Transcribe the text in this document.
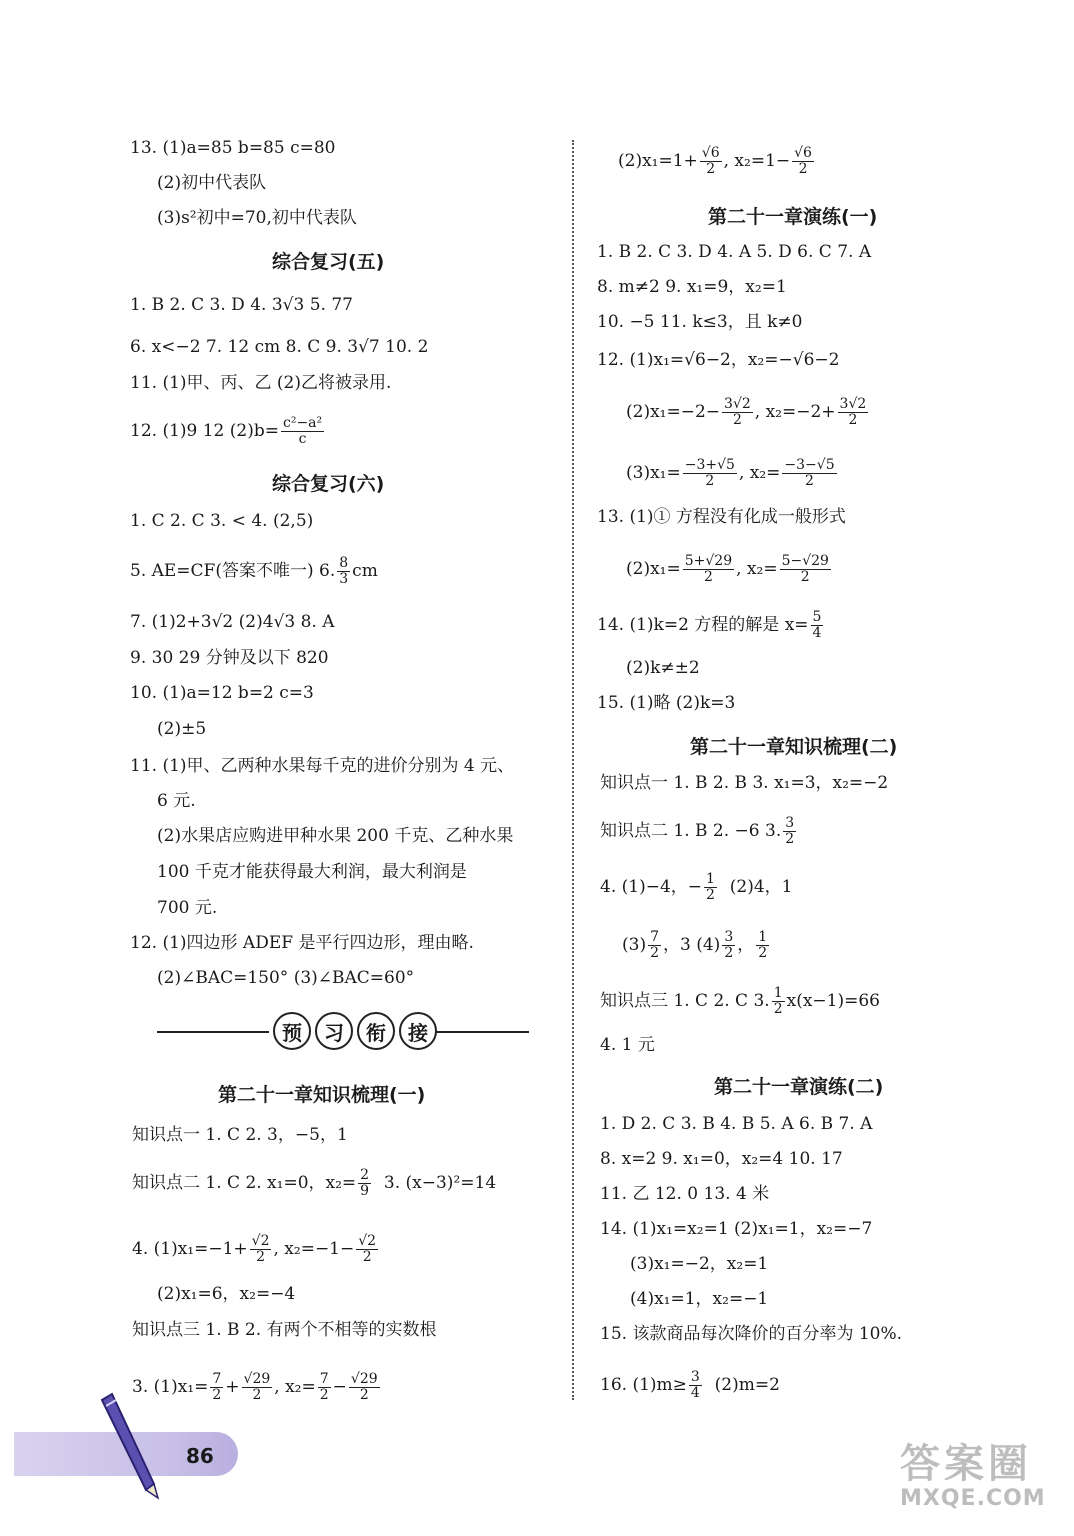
13. (1)a=85 b=85 c=80
(2)初中代表队
(3)s²初中=70,初中代表队
综合复习(五)
1. B 2. C 3. D 4. 3√3 5. 77
6. x<−2 7. 12 cm 8. C 9. 3√7 10. 2
11. (1)甲、丙、乙 (2)乙将被录用.
12. (1)9 12 $(2)b= \frac{\text{c²−a²}}{c}$
综合复习(六)
1. C 2. C 3. < 4. (2,5)
5. AE=CF(答案不唯一) 6. $\frac{8}{3}$ cm
7. (1)2+3√2 (2)4√3 8. A
9. 30 29 分钟及以下 820
10. (1)a=12 b=2 c=3
(2)±5
11. (1)甲、乙两种水果每千克的进价分别为 4 元、
6 元.
(2)水果店应购进甲种水果 200 千克、乙种水果
100 千克才能获得最大利润，最大利润是
700 元.
12. (1)四边形 ADEF 是平行四边形，理由略.
(2)∠BAC=150° (3)∠BAC=60°
预	习	衔	接
第二十一章知识梳理(一)
知识点一 1. C 2. 3，−5，1
知识点二 1. C 2. x₁=0，$x_2= \frac{2}{9} 3$. (x−3)²=14
4. $(1)x_1=-1+ \frac{√2}{2}$ , $x_2=-1- \frac{√2}{2}$
(2)x₁=6，x₂=−4
知识点三 1. B 2. 有两个不相等的实数根
3. $(1)x_1= \frac{7}{2} + \frac{√29}{2}$ , $x_2= \frac{7}{2} - \frac{√29}{2}$
$(2)x_1=1+ \frac{√6}{2}$ , $x_2=1- \frac{√6}{2}$
第二十一章演练(一)
1. B 2. C 3. D 4. A 5. D 6. C 7. A
8. m≠2 9. x₁=9，x₂=1
10. −5 11. k≤3，且 k≠0
12. (1)x₁=√6−2，x₂=−√6−2
$(2)x_1=-2- \frac{3√2}{2}$ , $x_2=-2+ \frac{3√2}{2}$
$(3)x_1= \frac{-3+√5}{2}$ , $x_2= \frac{-3-√5}{2}$
13. (1)① 方程没有化成一般形式
$(2)x_1= \frac{5+√29}{2}$ , $x_2= \frac{5-√29}{2}$
14. (1)k=2 方程的解是 $x= \frac{5}{4}$
(2)k≠±2
15. (1)略 (2)k=3
第二十一章知识梳理(二)
知识点一 1. B 2. B 3. x₁=3，x₂=−2
知识点二 1. B 2. −6 3. $\frac{3}{2}$
4. (1)−4，− $\frac{1}{2} (2)4$，1
$(3) \frac{7}{2}$ ，3 $(4) \frac{3}{2}$ ， $\frac{1}{2}$
知识点三 1. C 2. C 3. $\frac{1}{2} x(x-1)=66$
4. 1 元
第二十一章演练(二)
1. D 2. C 3. B 4. B 5. A 6. B 7. A
8. x=2 9. x₁=0，x₂=4 10. 17
11. 乙 12. 0 13. 4 米
14. (1)x₁=x₂=1 (2)x₁=1，x₂=−7
(3)x₁=−2，x₂=1
(4)x₁=1，x₂=−1
15. 该款商品每次降价的百分率为 10%.
16. $(1)m\ge \frac{3}{4} (2)m=2$
86	答案圈
MXQE.COM
